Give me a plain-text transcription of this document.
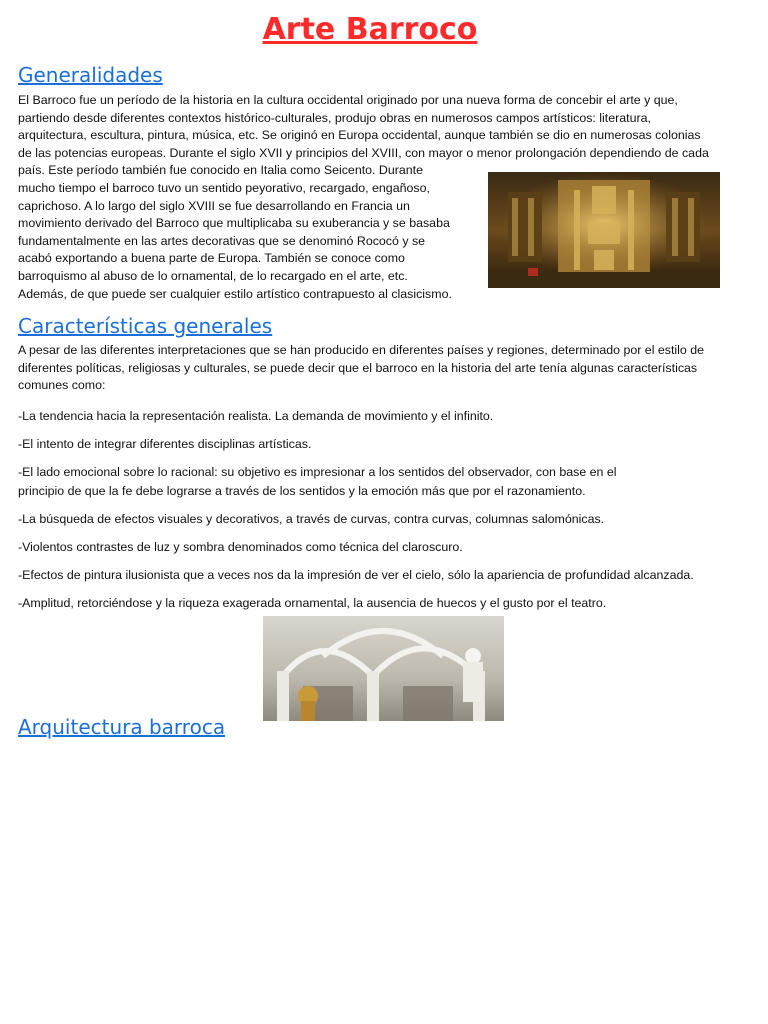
Arte Barroco
Generalidades
El Barroco fue un período de la historia en la cultura occidental originado por una nueva forma de concebir el arte y que,
partiendo desde diferentes contextos histórico-culturales, produjo obras en numerosos campos artísticos: literatura,
arquitectura, escultura, pintura, música, etc. Se originó en Europa occidental, aunque también se dio en numerosas colonias
de las potencias europeas. Durante el siglo XVII y principios del XVIII, con mayor o menor prolongación dependiendo de cada
país. Este período también fue conocido en Italia como Seicento. Durante
mucho tiempo el barroco tuvo un sentido peyorativo, recargado, engañoso,
caprichoso. A lo largo del siglo XVIII se fue desarrollando en Francia un
movimiento derivado del Barroco que multiplicaba su exuberancia y se basaba
fundamentalmente en las artes decorativas que se denominó Rococó y se
acabó exportando a buena parte de Europa. También se conoce como
barroquismo al abuso de lo ornamental, de lo recargado en el arte, etc.
Además, de que puede ser cualquier estilo artístico contrapuesto al clasicismo.
Características generales
A pesar de las diferentes interpretaciones que se han producido en diferentes países y regiones, determinado por el estilo de
diferentes políticas, religiosas y culturales, se puede decir que el barroco en la historia del arte tenía algunas características
comunes como:
-La tendencia hacia la representación realista. La demanda de movimiento y el infinito.
-El intento de integrar diferentes disciplinas artísticas.
-El lado emocional sobre lo racional: su objetivo es impresionar a los sentidos del observador, con base en el
principio de que la fe debe lograrse a través de los sentidos y la emoción más que por el razonamiento.
-La búsqueda de efectos visuales y decorativos, a través de curvas, contra curvas, columnas salomónicas.
-Violentos contrastes de luz y sombra denominados como técnica del claroscuro.
-Efectos de pintura ilusionista que a veces nos da la impresión de ver el cielo, sólo la apariencia de profundidad alcanzada.
-Amplitud, retorciéndose y la riqueza exagerada ornamental, la ausencia de huecos y el gusto por el teatro.
Arquitectura barroca
